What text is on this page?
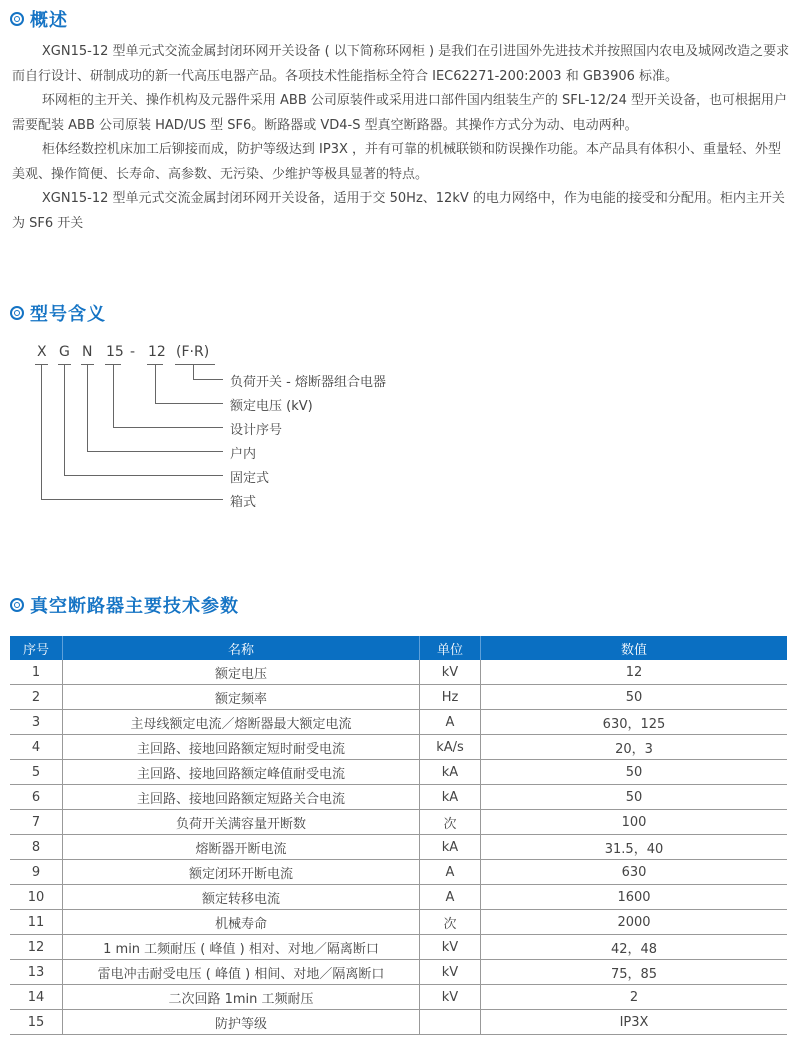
概述

XGN15-12 型单元式交流金属封闭环网开关设备 ( 以下简称环网柜 ) 是我们在引进国外先进技术并按照国内农电及城网改造之要求而自行设计、研制成功的新一代高压电器产品。各项技术性能指标全符合 IEC62271-200:2003 和 GB3906 标准。

环网柜的主开关、操作机构及元器件采用 ABB 公司原装件或采用进口部件国内组装生产的 SFL-12/24 型开关设备，也可根据用户需要配装 ABB 公司原装 HAD/US 型 SF6。断路器或 VD4-S 型真空断路器。其操作方式分为动、电动两种。

柜体经数控机床加工后铆接而成，防护等级达到 IP3X ，并有可靠的机械联锁和防误操作功能。本产品具有体积小、重量轻、外型美观、操作简便、长寿命、高参数、无污染、少维护等极具显著的特点。

XGN15-12 型单元式交流金属封闭环网开关设备，适用于交 50Hz、12kV 的电力网络中，作为电能的接受和分配用。柜内主开关为 SF6 开关

型号含义
X G N 15 - 12 (F·R)
负荷开关 - 熔断器组合电器
额定电压 (kV)
设计序号
户内
固定式
箱式
真空断路器主要技术参数
序号	名称	单位	数值
1	额定电压	kV	12
2	额定频率	Hz	50
3	主母线额定电流／熔断器最大额定电流	A	630，125
4	主回路、接地回路额定短时耐受电流	kA/s	20，3
5	主回路、接地回路额定峰值耐受电流	kA	50
6	主回路、接地回路额定短路关合电流	kA	50
7	负荷开关满容量开断数	次	100
8	熔断器开断电流	kA	31.5，40
9	额定闭环开断电流	A	630
10	额定转移电流	A	1600
11	机械寿命	次	2000
12	1 min 工频耐压 ( 峰值 ) 相对、对地／隔离断口	kV	42，48
13	雷电冲击耐受电压 ( 峰值 ) 相间、对地／隔离断口	kV	75，85
14	二次回路 1min 工频耐压	kV	2
15	防护等级		IP3X
